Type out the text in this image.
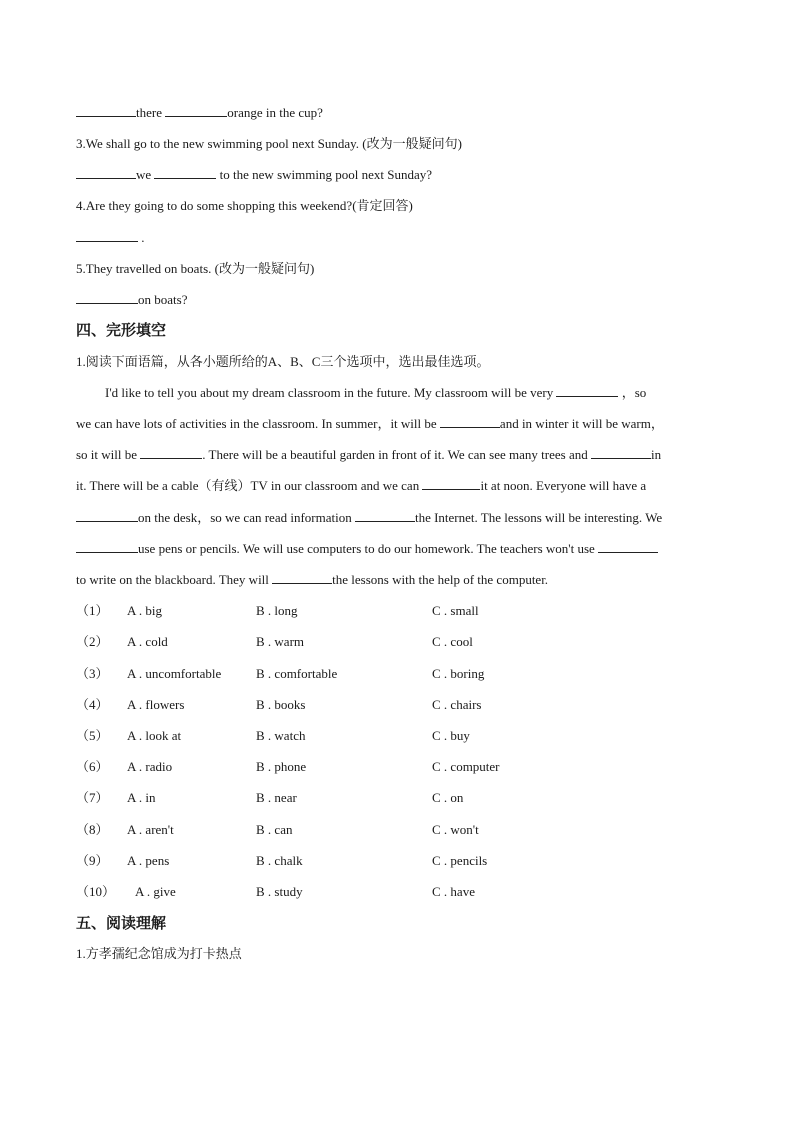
there	orange in the cup?
3.We shall go to the new swimming pool next Sunday. (改为一般疑问句)
we	to the new swimming pool next Sunday?
4.Are they going to do some shopping this weekend?(肯定回答)
.
5.They travelled on boats. (改为一般疑问句)
on boats?
四、完形填空
1.阅读下面语篇，从各小题所给的A、B、C三个选项中，选出最佳选项。
I'd like to tell you about my dream classroom in the future. My classroom will be very	，so
we can have lots of activities in the classroom. In summer，it will be	and in winter it will be warm，
so it will be	. There will be a beautiful garden in front of it. We can see many trees and	in
it. There will be a cable（有线）TV in our classroom and we can	it at noon. Everyone will have a
on the desk，so we can read information	the Internet. The lessons will be interesting. We
use pens or pencils. We will use computers to do our homework. The teachers won't use
to write on the blackboard. They will	the lessons with the help of the computer.
（1） A . big	B . long	C . small
（2） A . cold	B . warm	C . cool
（3） A . uncomfortable	B . comfortable	C . boring
（4） A . flowers	B . books	C . chairs
（5） A . look at	B . watch	C . buy
（6） A . radio	B . phone	C . computer
（7） A . in	B . near	C . on
（8） A . aren't	B . can	C . won't
（9） A . pens	B . chalk	C . pencils
（10） A . give	B . study	C . have
五、阅读理解
1.方孝孺纪念馆成为打卡热点
